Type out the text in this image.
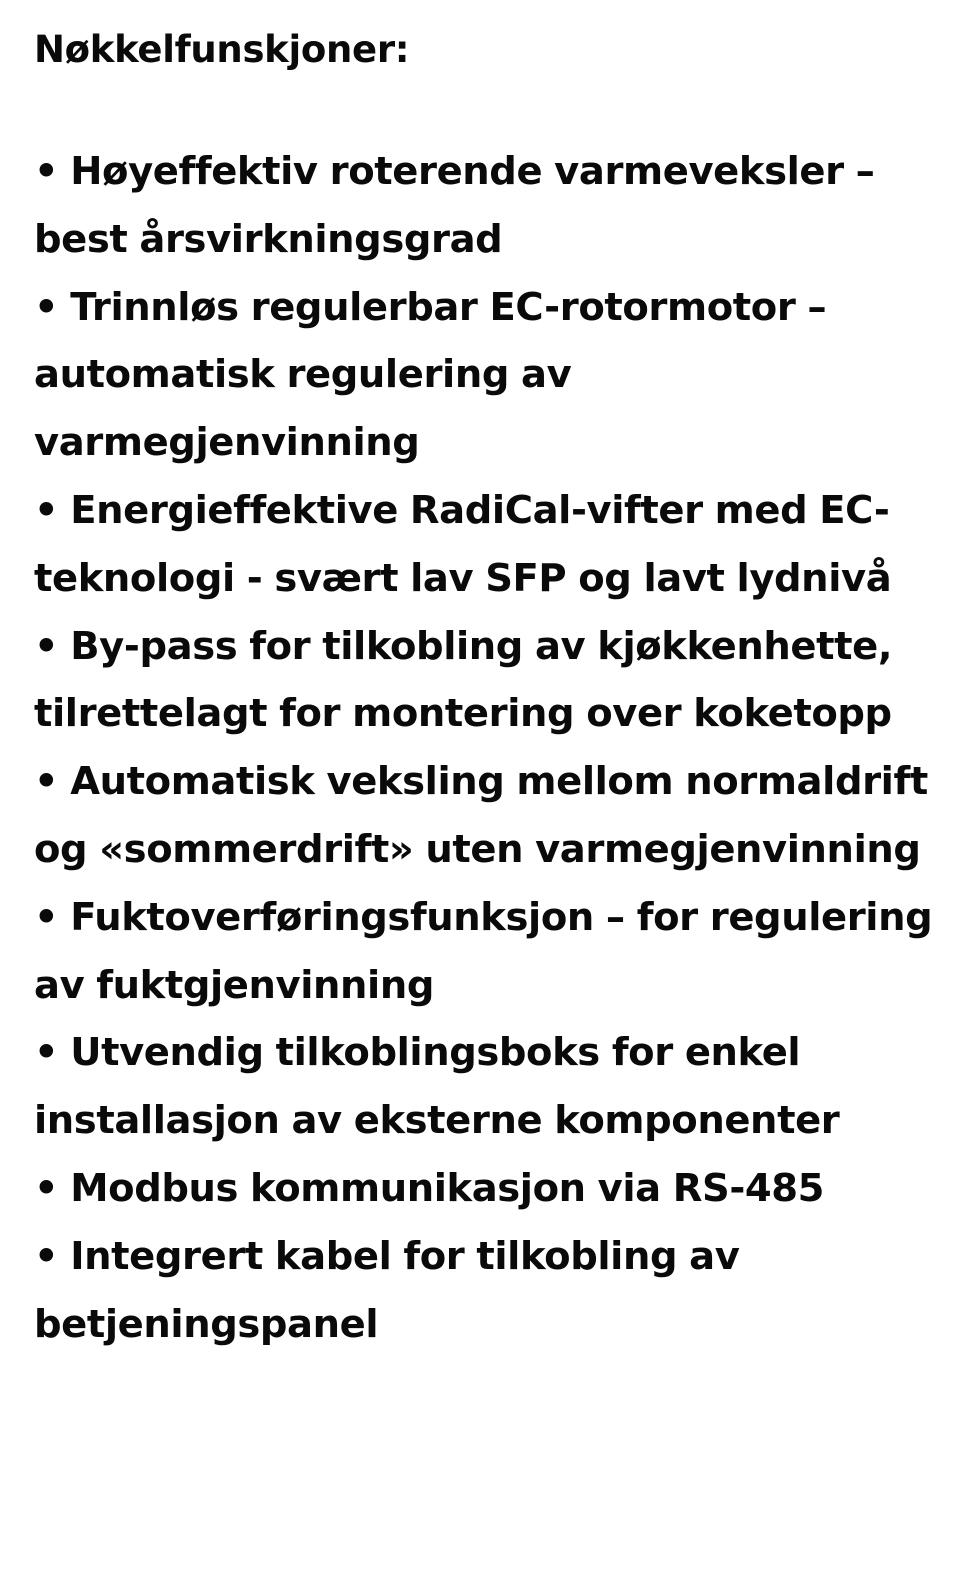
Nøkkelfunskjoner:
• Høyeffektiv roterende varmeveksler – best årsvirkningsgrad
• Trinnløs regulerbar EC-rotormotor – automatisk regulering av varmegjenvinning
• Energieffektive RadiCal-vifter med EC-teknologi - svært lav SFP og lavt lydnivå
• By-pass for tilkobling av kjøkkenhette, tilrettelagt for montering over koketopp
• Automatisk veksling mellom normaldrift og «sommerdrift» uten varmegjenvinning
• Fuktoverføringsfunksjon – for regulering av fuktgjenvinning
• Utvendig tilkoblingsboks for enkel installasjon av eksterne komponenter
• Modbus kommunikasjon via RS-485
• Integrert kabel for tilkobling av betjeningspanel
